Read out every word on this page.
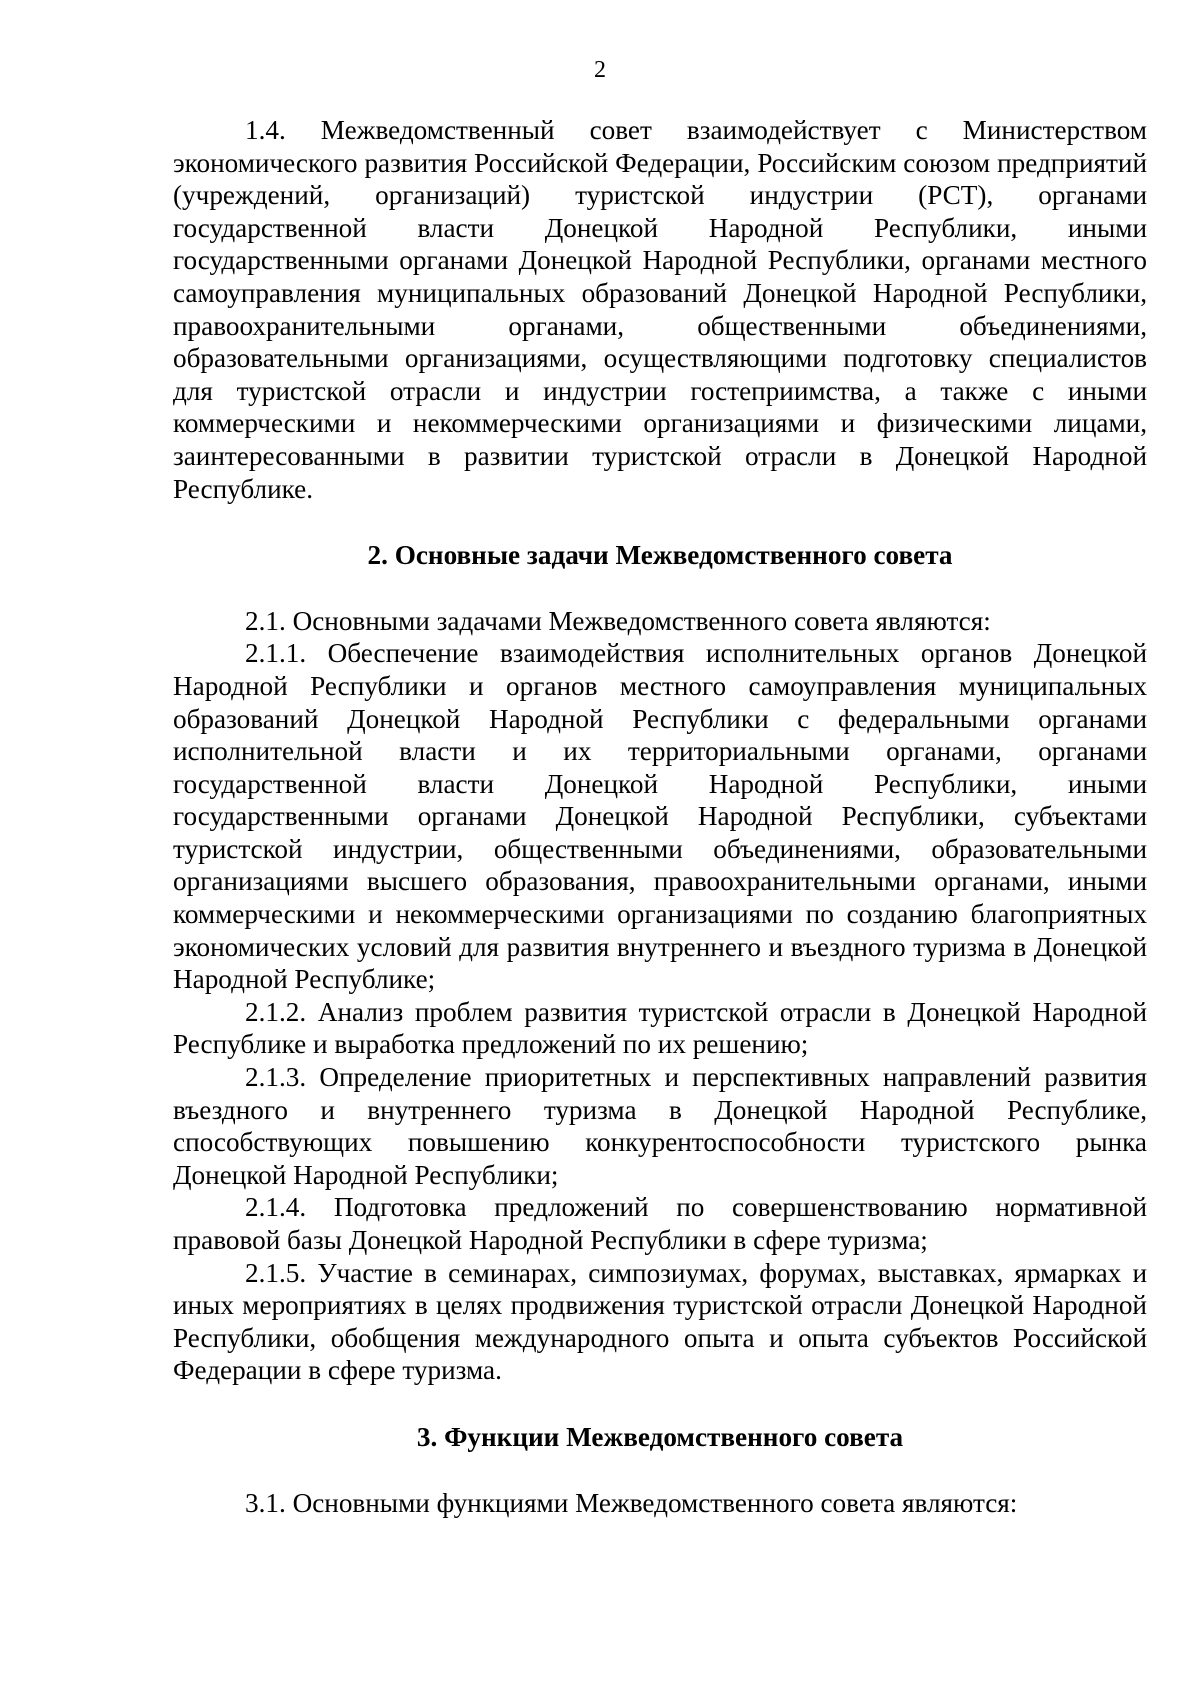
2

1.4. Межведомственный совет взаимодействует с Министерством экономического развития Российской Федерации, Российским союзом предприятий (учреждений, организаций) туристской индустрии (РСТ), органами государственной власти Донецкой Народной Республики, иными государственными органами Донецкой Народной Республики, органами местного самоуправления муниципальных образований Донецкой Народной Республики, правоохранительными органами, общественными объединениями, образовательными организациями, осуществляющими подготовку специалистов для туристской отрасли и индустрии гостеприимства, а также с иными коммерческими и некоммерческими организациями и физическими лицами, заинтересованными в развитии туристской отрасли в Донецкой Народной Республике.

2. Основные задачи Межведомственного совета

2.1. Основными задачами Межведомственного совета являются:

2.1.1. Обеспечение взаимодействия исполнительных органов Донецкой Народной Республики и органов местного самоуправления муниципальных образований Донецкой Народной Республики с федеральными органами исполнительной власти и их территориальными органами, органами государственной власти Донецкой Народной Республики, иными государственными органами Донецкой Народной Республики, субъектами туристской индустрии, общественными объединениями, образовательными организациями высшего образования, правоохранительными органами, иными коммерческими и некоммерческими организациями по созданию благоприятных экономических условий для развития внутреннего и въездного туризма в Донецкой Народной Республике;

2.1.2. Анализ проблем развития туристской отрасли в Донецкой Народной Республике и выработка предложений по их решению;

2.1.3. Определение приоритетных и перспективных направлений развития въездного и внутреннего туризма в Донецкой Народной Республике, способствующих повышению конкурентоспособности туристского рынка Донецкой Народной Республики;

2.1.4. Подготовка предложений по совершенствованию нормативной правовой базы Донецкой Народной Республики в сфере туризма;

2.1.5. Участие в семинарах, симпозиумах, форумах, выставках, ярмарках и иных мероприятиях в целях продвижения туристской отрасли Донецкой Народной Республики, обобщения международного опыта и опыта субъектов Российской Федерации в сфере туризма.

3. Функции Межведомственного совета

3.1. Основными функциями Межведомственного совета являются:
